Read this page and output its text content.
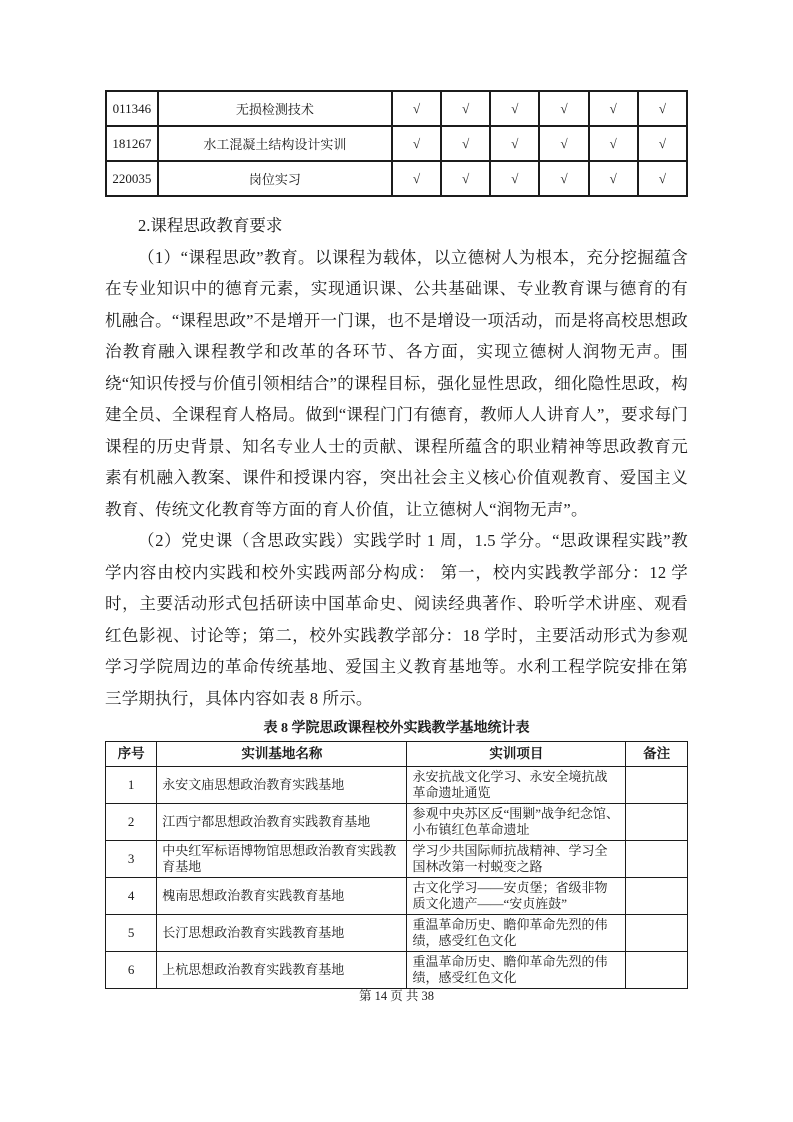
011346	无损检测技术	√	√	√	√	√	√
181267	水工混凝土结构设计实训	√	√	√	√	√	√
220035	岗位实习	√	√	√	√	√	√
2.课程思政教育要求

（1）“课程思政”教育。以课程为载体，以立德树人为根本，充分挖掘蕴含在专业知识中的德育元素，实现通识课、公共基础课、专业教育课与德育的有机融合。“课程思政”不是增开一门课，也不是增设一项活动，而是将高校思想政治教育融入课程教学和改革的各环节、各方面，实现立德树人润物无声。围绕“知识传授与价值引领相结合”的课程目标，强化显性思政，细化隐性思政，构建全员、全课程育人格局。做到“课程门门有德育，教师人人讲育人”，要求每门课程的历史背景、知名专业人士的贡献、课程所蕴含的职业精神等思政教育元素有机融入教案、课件和授课内容，突出社会主义核心价值观教育、爱国主义教育、传统文化教育等方面的育人价值，让立德树人“润物无声”。

（2）党史课（含思政实践）实践学时 1 周，1.5 学分。“思政课程实践”教学内容由校内实践和校外实践两部分构成： 第一，校内实践教学部分：12 学时，主要活动形式包括研读中国革命史、阅读经典著作、聆听学术讲座、观看红色影视、讨论等；第二，校外实践教学部分：18 学时，主要活动形式为参观学习学院周边的革命传统基地、爱国主义教育基地等。水利工程学院安排在第三学期执行，具体内容如表 8 所示。

表 8 学院思政课程校外实践教学基地统计表
序号	实训基地名称	实训项目	备注
1	永安文庙思想政治教育实践基地	永安抗战文化学习、永安全境抗战革命遗址通览	
2	江西宁都思想政治教育实践教育基地	参观中央苏区反“围剿”战争纪念馆、小布镇红色革命遗址	
3	中央红军标语博物馆思想政治教育实践教育基地	学习少共国际师抗战精神、学习全国林改第一村蜕变之路	
4	槐南思想政治教育实践教育基地	古文化学习——安贞堡；省级非物质文化遗产——“安贞旌鼓”	
5	长汀思想政治教育实践教育基地	重温革命历史、瞻仰革命先烈的伟绩，感受红色文化	
6	上杭思想政治教育实践教育基地	重温革命历史、瞻仰革命先烈的伟绩，感受红色文化	
第 14 页 共 38
